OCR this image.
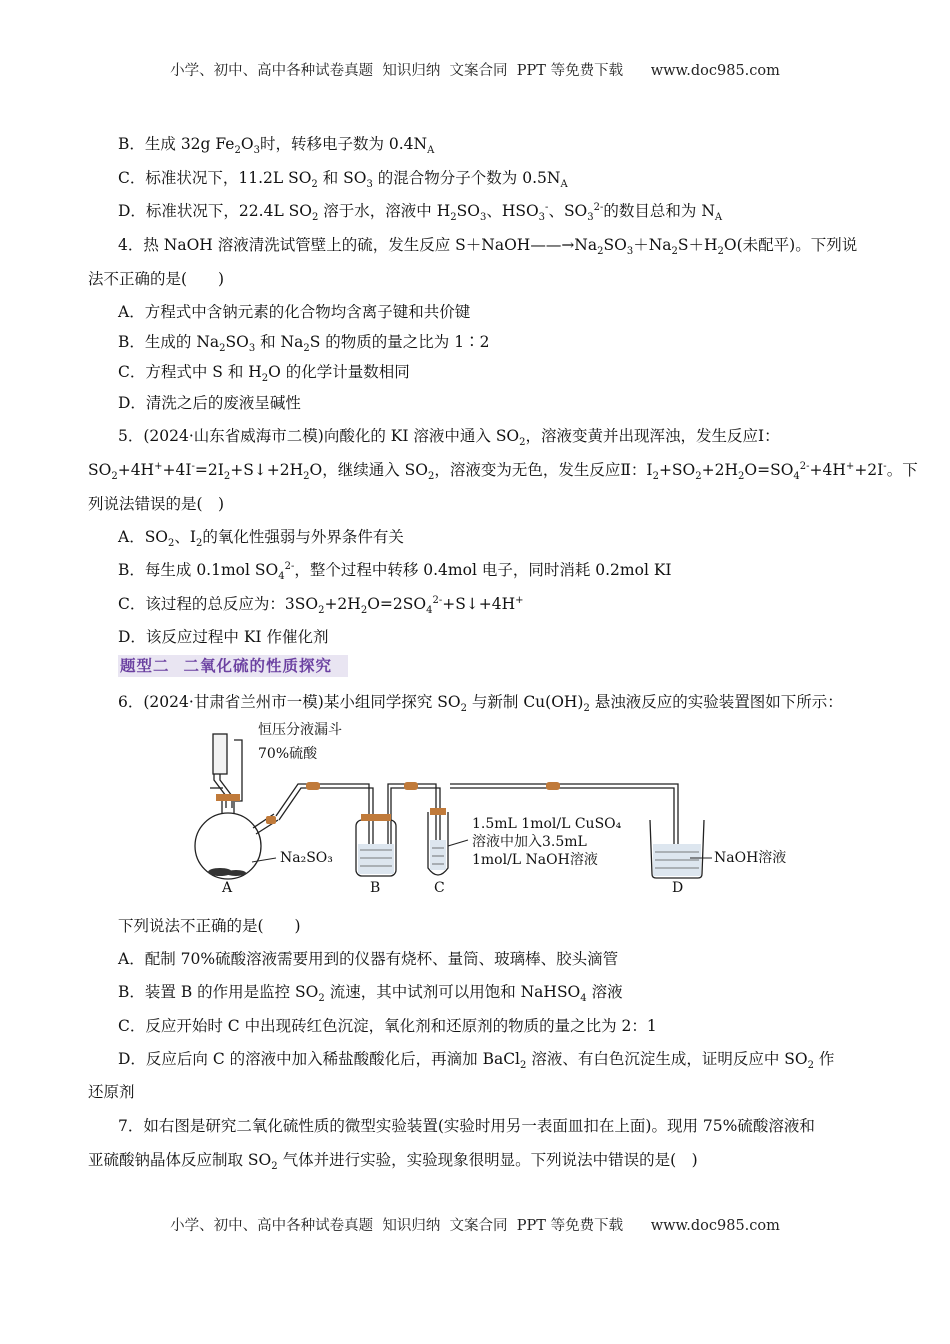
小学、初中、高中各种试卷真题  知识归纳  文案合同  PPT 等免费下载 www.doc985.com
B．生成 32g $Fe_2O_3$时，转移电子数为 $0.4N_A$
C．标准状况下，11.2L $SO_2$ 和 $SO_3$ 的混合物分子个数为 $0.5N_A$
D．标准状况下，22.4L $SO_2$ 溶于水，溶液中 $H_2SO_3$、$HSO_3^-$、$SO_3^{2-}$的数目总和为 $N_A$
4．热 NaOH 溶液清洗试管壁上的硫，发生反应 $S+NaOH——\to Na_2SO_3+Na_2S+H_2O$(未配平)。下列说
法不正确的是(　　)
A．方程式中含钠元素的化合物均含离子键和共价键
B．生成的 $Na_2SO_3$ 和 $Na_2S$ 的物质的量之比为 1∶2
C．方程式中 S 和 $H_2O$ 的化学计量数相同
D．清洗之后的废液呈碱性
5．(2024·山东省威海市二模)向酸化的 KI 溶液中通入 $SO_2$，溶液变黄并出现浑浊，发生反应Ⅰ：
$SO_2+4H^++4I^-=2I_2+S↓+2H_2O$，继续通入 $SO_2$，溶液变为无色，发生反应Ⅱ：$I_2+SO_2+2H_2O=SO_4^{2-}+4H^++2I^-$。下
列说法错误的是(　)
A．$SO_2$、$I_2$的氧化性强弱与外界条件有关
B．每生成 0.1mol $SO_4^{2-}$，整个过程中转移 0.4mol 电子，同时消耗 0.2mol KI
C．该过程的总反应为：$3SO_2+2H_2O=2SO_4^{2-}+S↓+4H^+$
D．该反应过程中 KI 作催化剂
题型二 二氧化硫的性质探究
6．(2024·甘肃省兰州市一模)某小组同学探究 $SO_2$ 与新制 $Cu(OH)_2$ 悬浊液反应的实验装置图如下所示：
恒压分液漏斗
70%硫酸
Na₂SO₃
1.5mL 1mol/L CuSO₄
溶液中加入3.5mL
1mol/L NaOH溶液	NaOH溶液
A	B	C	D
下列说法不正确的是(　　)
A．配制 70%硫酸溶液需要用到的仪器有烧杯、量筒、玻璃棒、胶头滴管
B．装置 B 的作用是监控 $SO_2$ 流速，其中试剂可以用饱和 NaHSO$_4$ 溶液
C．反应开始时 C 中出现砖红色沉淀，氧化剂和还原剂的物质的量之比为 2：1
D．反应后向 C 的溶液中加入稀盐酸酸化后，再滴加 BaCl$_2$ 溶液、有白色沉淀生成，证明反应中 $SO_2$ 作
还原剂
7．如右图是研究二氧化硫性质的微型实验装置(实验时用另一表面皿扣在上面)。现用 75%硫酸溶液和
亚硫酸钠晶体反应制取 $SO_2$ 气体并进行实验，实验现象很明显。下列说法中错误的是(　)
小学、初中、高中各种试卷真题  知识归纳  文案合同  PPT 等免费下载 www.doc985.com
